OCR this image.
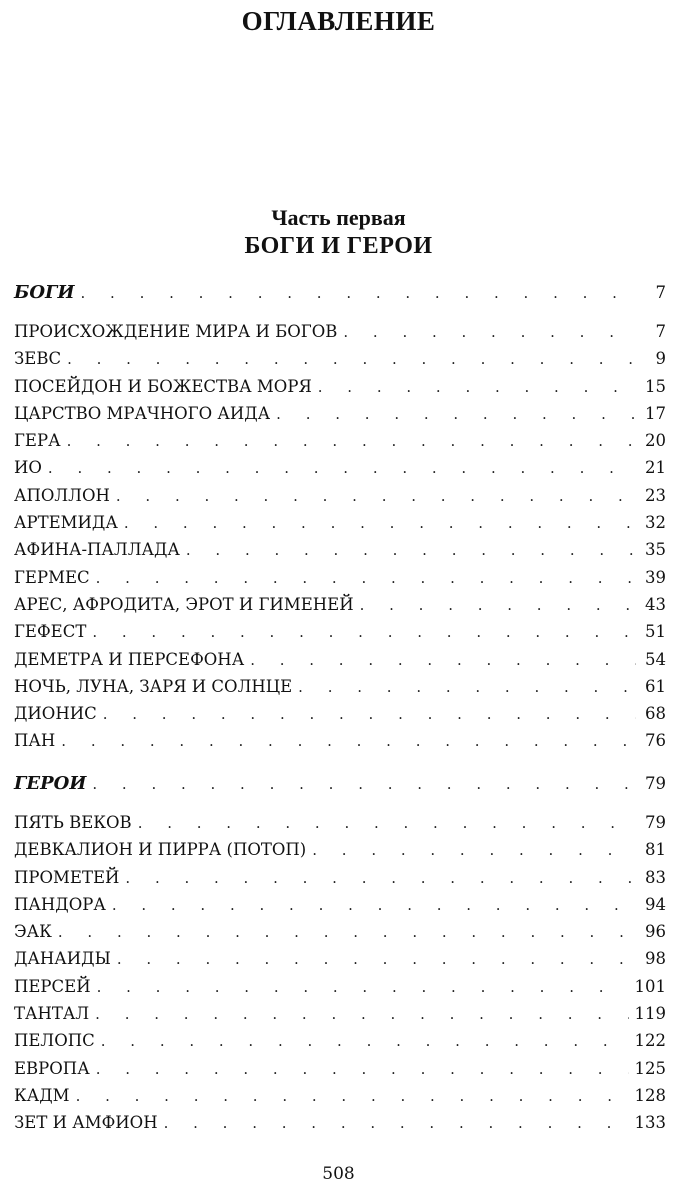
ОГЛАВЛЕНИЕ
Часть первая
БОГИ И ГЕРОИ
БОГИ . . .	7
ПРОИСХОЖДЕНИЕ МИРА И БОГОВ . . .	7
ЗЕВС . . .	9
ПОСЕЙДОН И БОЖЕСТВА МОРЯ . . .	15
ЦАРСТВО МРАЧНОГО АИДА . . .	17
ГЕРА . . .	20
ИО . . .	21
АПОЛЛОН . . .	23
АРТЕМИДА . . .	32
АФИНА-ПАЛЛАДА . . .	35
ГЕРМЕС . . .	39
АРЕС, АФРОДИТА, ЭРОТ И ГИМЕНЕЙ . . .	43
ГЕФЕСТ . . .	51
ДЕМЕТРА И ПЕРСЕФОНА . . .	54
НОЧЬ, ЛУНА, ЗАРЯ И СОЛНЦЕ . . .	61
ДИОНИС . . .	68
ПАН . . .	76
ГЕРОИ . . .	79
ПЯТЬ ВЕКОВ . . .	79
ДЕВКАЛИОН И ПИРРА (ПОТОП) . . .	81
ПРОМЕТЕЙ . . .	83
ПАНДОРА . . .	94
ЭАК . . .	96
ДАНАИДЫ . . .	98
ПЕРСЕЙ . . .	101
ТАНТАЛ . . .	119
ПЕЛОПС . . .	122
ЕВРОПА . . .	125
КАДМ . . .	128
ЗЕТ И АМФИОН . . .	133
508
